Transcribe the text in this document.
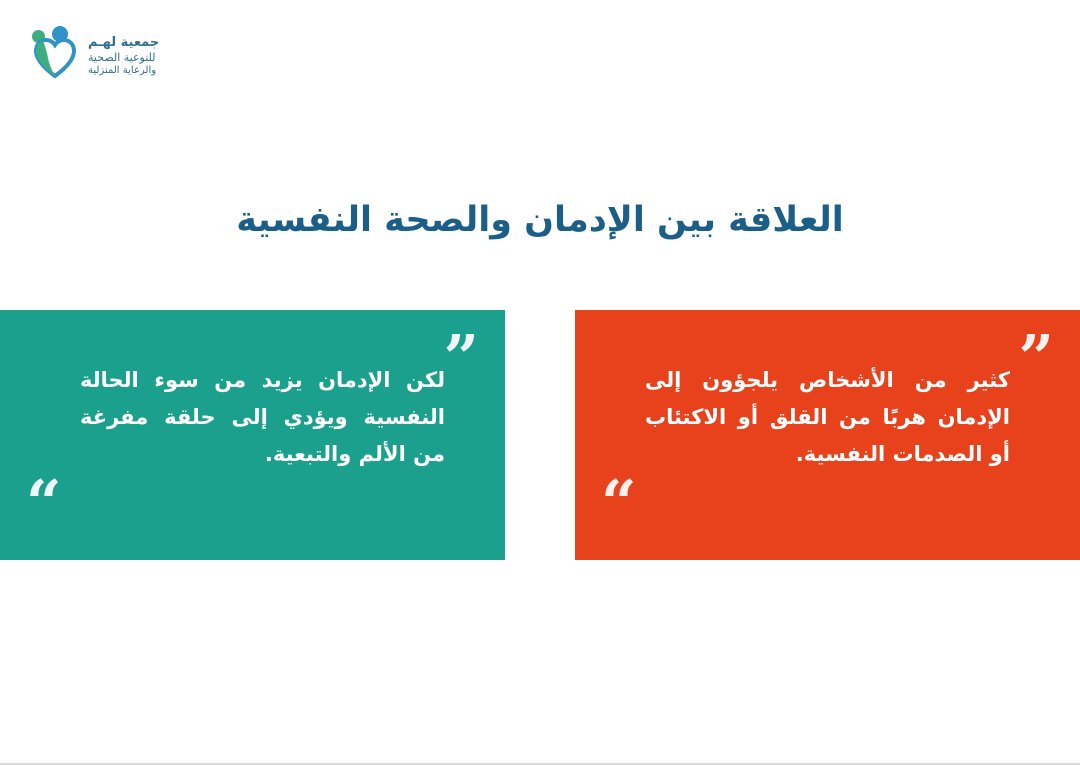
جمعية لهـم
للتوعية الصحية
والرعاية المنزلية
العلاقة بين الإدمان والصحة النفسية
”
كثير من الأشخاص يلجؤون إلى الإدمان هربًا من القلق أو الاكتئاب أو الصدمات النفسية.
“
”
لكن الإدمان يزيد من سوء الحالة النفسية ويؤدي إلى حلقة مفرغة من الألم والتبعية.
“
